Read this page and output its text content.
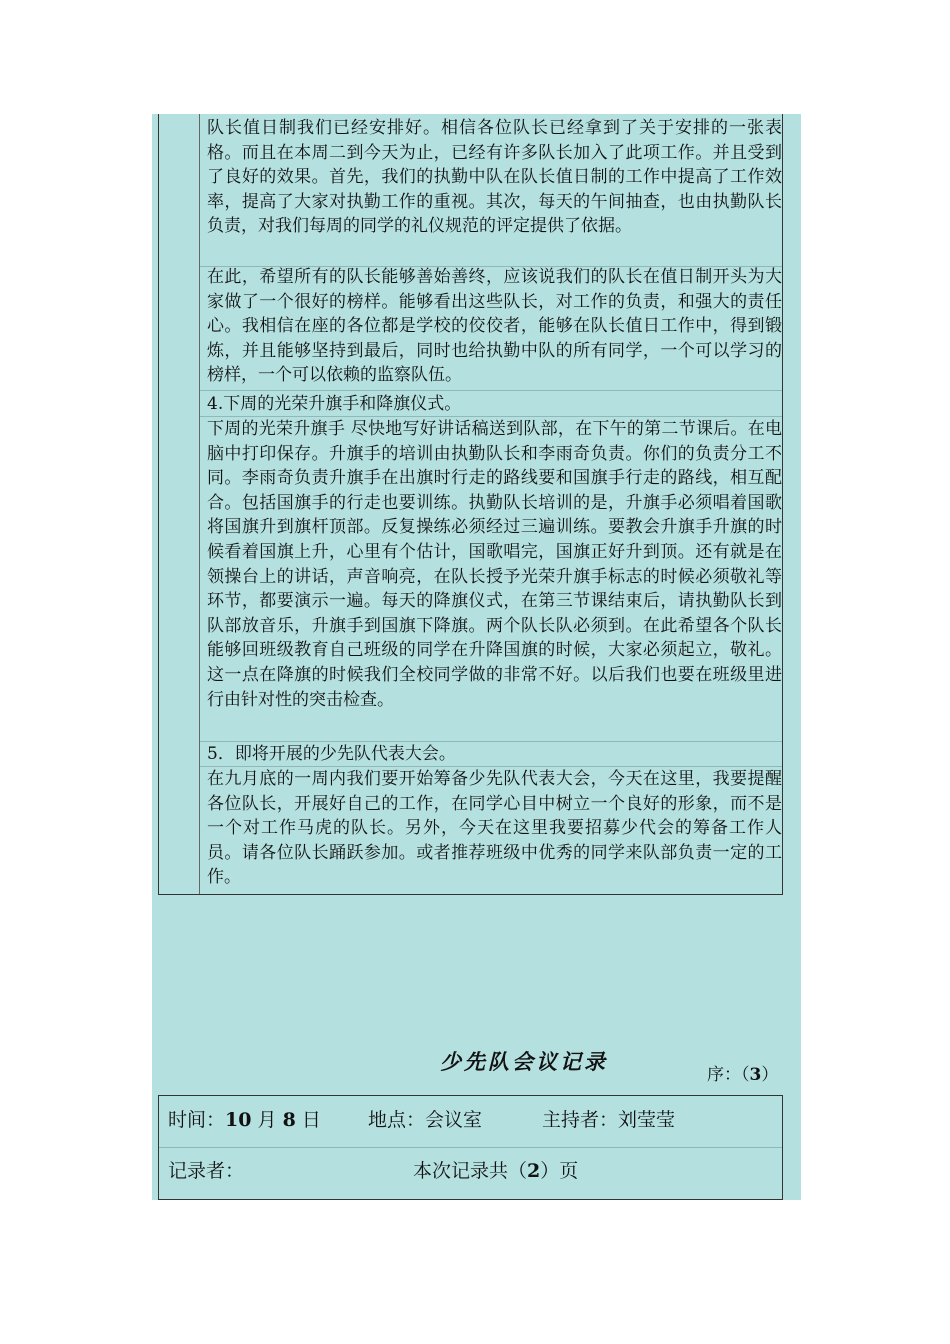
队长值日制我们已经安排好。相信各位队长已经拿到了关于安排的一张表格。而且在本周二到今天为止，已经有许多队长加入了此项工作。并且受到了良好的效果。首先，我们的执勤中队在队长值日制的工作中提高了工作效率，提高了大家对执勤工作的重视。其次，每天的午间抽查，也由执勤队长负责，对我们每周的同学的礼仪规范的评定提供了依据。

在此，希望所有的队长能够善始善终，应该说我们的队长在值日制开头为大家做了一个很好的榜样。能够看出这些队长，对工作的负责，和强大的责任心。我相信在座的各位都是学校的佼佼者，能够在队长值日工作中，得到锻炼，并且能够坚持到最后，同时也给执勤中队的所有同学，一个可以学习的榜样，一个可以依赖的监察队伍。

4.下周的光荣升旗手和降旗仪式。

下周的光荣升旗手 尽快地写好讲话稿送到队部，在下午的第二节课后。在电脑中打印保存。升旗手的培训由执勤队长和李雨奇负责。你们的负责分工不同。李雨奇负责升旗手在出旗时行走的路线要和国旗手行走的路线，相互配合。包括国旗手的行走也要训练。执勤队长培训的是，升旗手必须唱着国歌将国旗升到旗杆顶部。反复操练必须经过三遍训练。要教会升旗手升旗的时候看着国旗上升，心里有个估计，国歌唱完，国旗正好升到顶。还有就是在领操台上的讲话，声音响亮，在队长授予光荣升旗手标志的时候必须敬礼等环节，都要演示一遍。每天的降旗仪式，在第三节课结束后，请执勤队长到队部放音乐，升旗手到国旗下降旗。两个队长队必须到。在此希望各个队长能够回班级教育自己班级的同学在升降国旗的时候，大家必须起立，敬礼。这一点在降旗的时候我们全校同学做的非常不好。以后我们也要在班级里进行由针对性的突击检查。

5．即将开展的少先队代表大会。

在九月底的一周内我们要开始筹备少先队代表大会，今天在这里，我要提醒各位队长，开展好自己的工作，在同学心目中树立一个良好的形象，而不是一个对工作马虎的队长。另外，今天在这里我要招募少代会的筹备工作人员。请各位队长踊跃参加。或者推荐班级中优秀的同学来队部负责一定的工作。

少先队会议记录
序：（3）
时间：10 月 8 日 地点：会议室	主持者：刘莹莹
记录者：	本次记录共（2）页
